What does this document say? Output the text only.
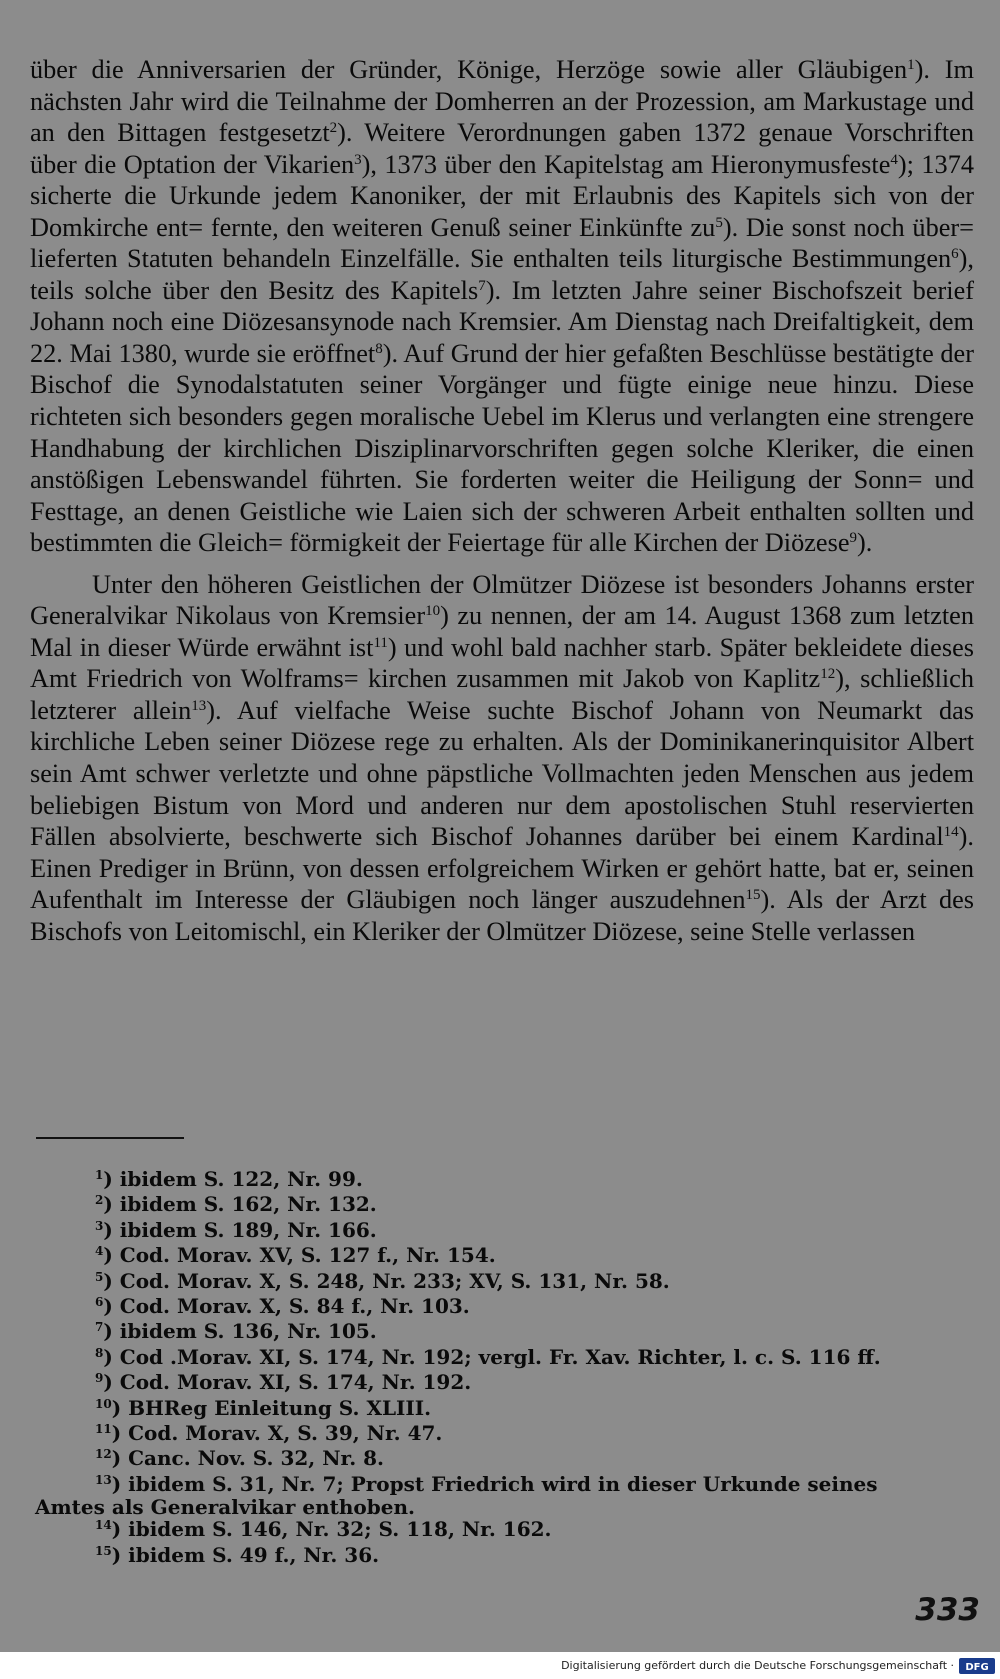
über die Anniversarien der Gründer, Könige, Herzöge sowie aller Gläubigen$^1$). Im nächsten Jahr wird die Teilnahme der Domherren an der Prozession, am Markustage und an den Bittagen festgesetzt$^2$). Weitere Verordnungen gaben 1372 genaue Vorschriften über die Optation der Vikarien$^3$), 1373 über den Kapitelstag am Hieronymusfeste$^4$); 1374 sicherte die Urkunde jedem Kanoniker, der mit Erlaubnis des Kapitels sich von der Domkirche ent= fernte, den weiteren Genuß seiner Einkünfte $zu^5$). Die sonst noch über= lieferten Statuten behandeln Einzelfälle. Sie enthalten teils liturgische Bestimmungen$^6$), teils solche über den Besitz des Kapitels$^7$). Im letzten Jahre seiner Bischofszeit berief Johann noch eine Diözesansynode nach Kremsier. Am Dienstag nach Dreifaltigkeit, dem 22. Mai 1380, wurde sie eröffnet$^8$). Auf Grund der hier gefaßten Beschlüsse bestätigte der Bischof die Synodalstatuten seiner Vorgänger und fügte einige neue hinzu. Diese richteten sich besonders gegen moralische Uebel im Klerus und verlangten eine strengere Handhabung der kirchlichen Disziplinarvorschriften gegen solche Kleriker, die einen anstößigen Lebenswandel führten. Sie forderten weiter die Heiligung der Sonn= und Festtage, an denen Geistliche wie Laien sich der schweren Arbeit enthalten sollten und bestimmten die Gleich= förmigkeit der Feiertage für alle Kirchen der Diözese$^9$).

Unter den höheren Geistlichen der Olmützer Diözese ist besonders Johanns erster Generalvikar Nikolaus von Kremsier$^{10}$) zu nennen, der am 14. August 1368 zum letzten Mal in dieser Würde erwähnt ist$^{11}$) und wohl bald nachher starb. Später bekleidete dieses Amt Friedrich von Wolframs= kirchen zusammen mit Jakob von Kaplitz$^{12}$), schließlich letzterer allein$^{13}$). Auf vielfache Weise suchte Bischof Johann von Neumarkt das kirchliche Leben seiner Diözese rege zu erhalten. Als der Dominikanerinquisitor Albert sein Amt schwer verletzte und ohne päpstliche Vollmachten jeden Menschen aus jedem beliebigen Bistum von Mord und anderen nur dem apostolischen Stuhl reservierten Fällen absolvierte, beschwerte sich Bischof Johannes darüber bei einem Kardinal$^{14}$). Einen Prediger in Brünn, von dessen erfolgreichem Wirken er gehört hatte, bat er, seinen Aufenthalt im Interesse der Gläubigen noch länger auszudehnen$^{15}$). Als der Arzt des Bischofs von Leitomischl, ein Kleriker der Olmützer Diözese, seine Stelle verlassen

$^1$) ibidem S. 122, Nr. 99.
$^2$) ibidem S. 162, Nr. 132.
$^3$) ibidem S. 189, Nr. 166.
$^4$) Cod. Morav. XV, S. 127 f., Nr. 154.
$^5$) Cod. Morav. X, S. 248, Nr. 233; XV, S. 131, Nr. 58.
$^6$) Cod. Morav. X, S. 84 f., Nr. 103.
$^7$) ibidem S. 136, Nr. 105.
$^8$) Cod .Morav. XI, S. 174, Nr. 192; vergl. Fr. Xav. Richter, l. c. S. 116 ff.
$^9$) Cod. Morav. XI, S. 174, Nr. 192.
$^{10}$) BHReg Einleitung S. XLIII.
$^{11}$) Cod. Morav. X, S. 39, Nr. 47.
$^{12}$) Canc. Nov. S. 32, Nr. 8.
$^{13}$) ibidem S. 31, Nr. 7; Propst Friedrich wird in dieser Urkunde seines
Amtes als Generalvikar enthoben.
$^{14}$) ibidem S. 146, Nr. 32; S. 118, Nr. 162.
$^{15}$) ibidem S. 49 f., Nr. 36.
333
Digitalisierung gefördert durch die Deutsche Forschungsgemeinschaft · DFG
